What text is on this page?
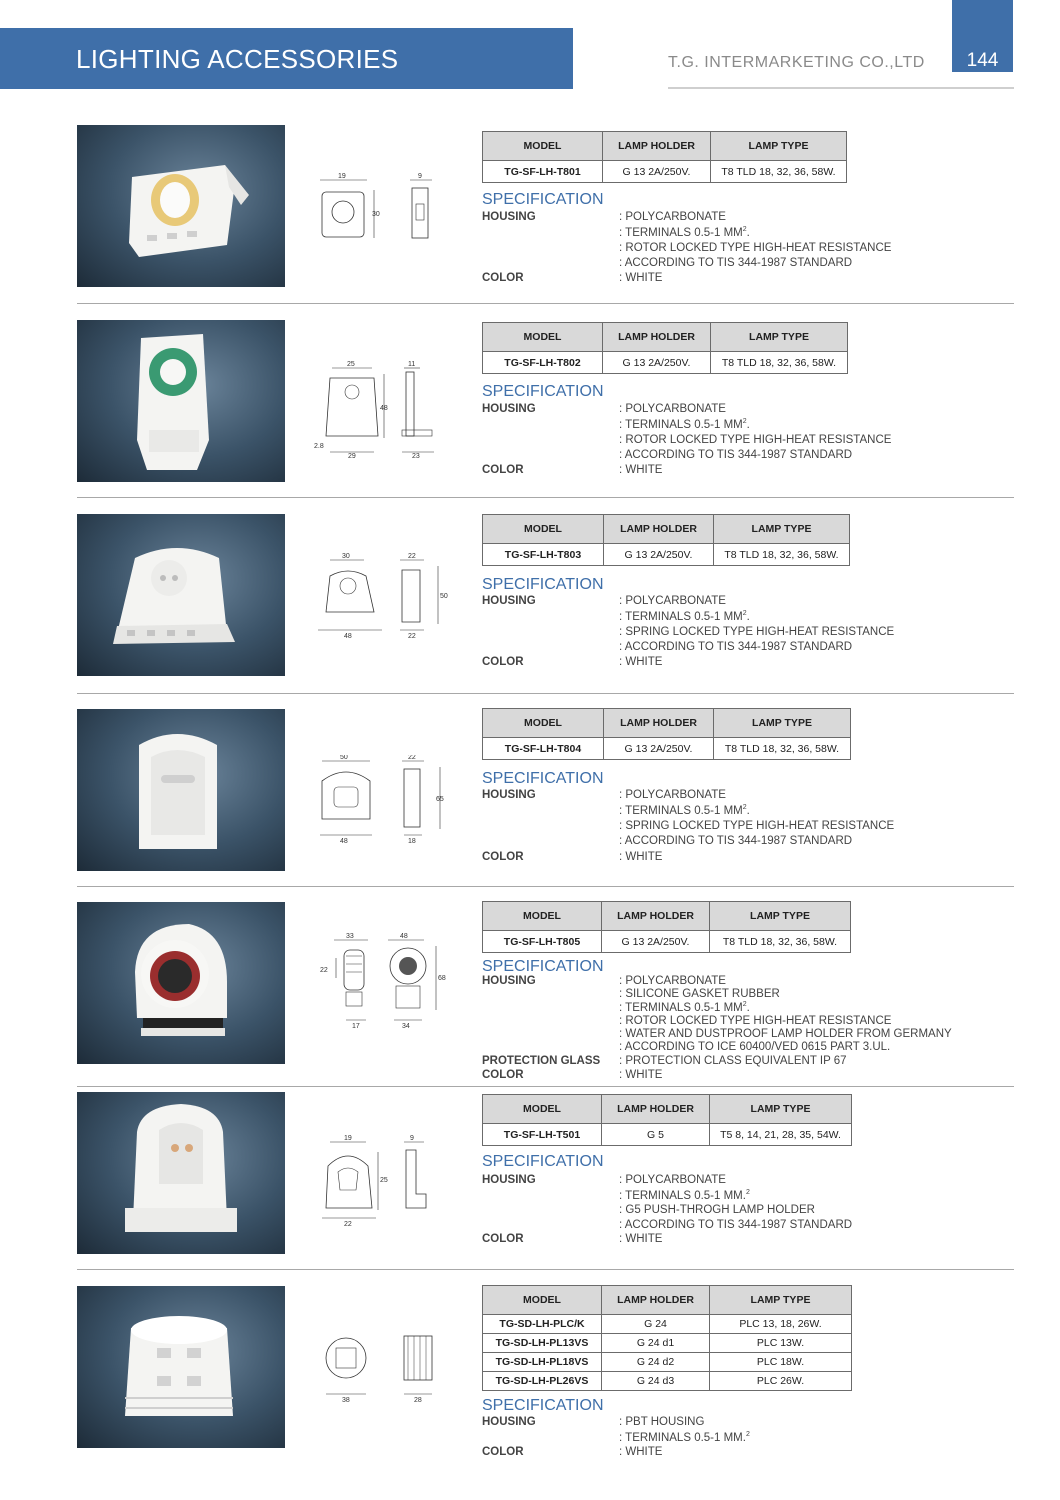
LIGHTING ACCESSORIES	T.G. INTERMARKETING CO.,LTD	144
19
30
9
MODEL	LAMP HOLDER	LAMP TYPE
TG-SF-LH-T801	G 13 2A/250V.	T8 TLD 18, 32, 36, 58W.
SPECIFICATION
HOUSING	: POLYCARBONATE
: TERMINALS 0.5-1 $MM^2$.
: ROTOR LOCKED TYPE HIGH-HEAT RESISTANCE
: ACCORDING TO TIS 344-1987 STANDARD
COLOR	: WHITE
25
48
2.8
29
11
23
MODEL	LAMP HOLDER	LAMP TYPE
TG-SF-LH-T802	G 13 2A/250V.	T8 TLD 18, 32, 36, 58W.
SPECIFICATION
HOUSING	: POLYCARBONATE
: TERMINALS 0.5-1 $MM^2$.
: ROTOR LOCKED TYPE HIGH-HEAT RESISTANCE
: ACCORDING TO TIS 344-1987 STANDARD
COLOR	: WHITE
30
48
22
50
22
MODEL	LAMP HOLDER	LAMP TYPE
TG-SF-LH-T803	G 13 2A/250V.	T8 TLD 18, 32, 36, 58W.
SPECIFICATION
HOUSING	: POLYCARBONATE
: TERMINALS 0.5-1 $MM^2$.
: SPRING LOCKED TYPE HIGH-HEAT RESISTANCE
: ACCORDING TO TIS 344-1987 STANDARD
COLOR	: WHITE
50
48
22
65
18
MODEL	LAMP HOLDER	LAMP TYPE
TG-SF-LH-T804	G 13 2A/250V.	T8 TLD 18, 32, 36, 58W.
SPECIFICATION
HOUSING	: POLYCARBONATE
: TERMINALS 0.5-1 $MM^2$.
: SPRING LOCKED TYPE HIGH-HEAT RESISTANCE
: ACCORDING TO TIS 344-1987 STANDARD
COLOR	: WHITE
33
22
17
48
68
34
MODEL	LAMP HOLDER	LAMP TYPE
TG-SF-LH-T805	G 13 2A/250V.	T8 TLD 18, 32, 36, 58W.
SPECIFICATION
HOUSING	: POLYCARBONATE
: SILICONE GASKET RUBBER
: TERMINALS 0.5-1 $MM^2$.
: ROTOR LOCKED TYPE HIGH-HEAT RESISTANCE
: WATER AND DUSTPROOF LAMP HOLDER FROM GERMANY
: ACCORDING TO ICE 60400/VED 0615 PART 3.UL.
PROTECTION GLASS : PROTECTION CLASS EQUIVALENT IP 67
COLOR	: WHITE
19
25
22
9
MODEL	LAMP HOLDER	LAMP TYPE
TG-SF-LH-T501	G 5	T5 8, 14, 21, 28, 35, 54W.
SPECIFICATION
HOUSING	: POLYCARBONATE
: TERMINALS 0.5-1 MM.$^2$
: G5 PUSH-THROGH LAMP HOLDER
: ACCORDING TO TIS 344-1987 STANDARD
COLOR	: WHITE
38	28
MODEL	LAMP HOLDER	LAMP TYPE
TG-SD-LH-PLC/K	G 24	PLC 13, 18, 26W.
TG-SD-LH-PL13VS	G 24 d1	PLC 13W.
TG-SD-LH-PL18VS	G 24 d2	PLC 18W.
TG-SD-LH-PL26VS	G 24 d3	PLC 26W.
SPECIFICATION
HOUSING	: PBT HOUSING
: TERMINALS 0.5-1 MM.$^2$
COLOR	: WHITE
